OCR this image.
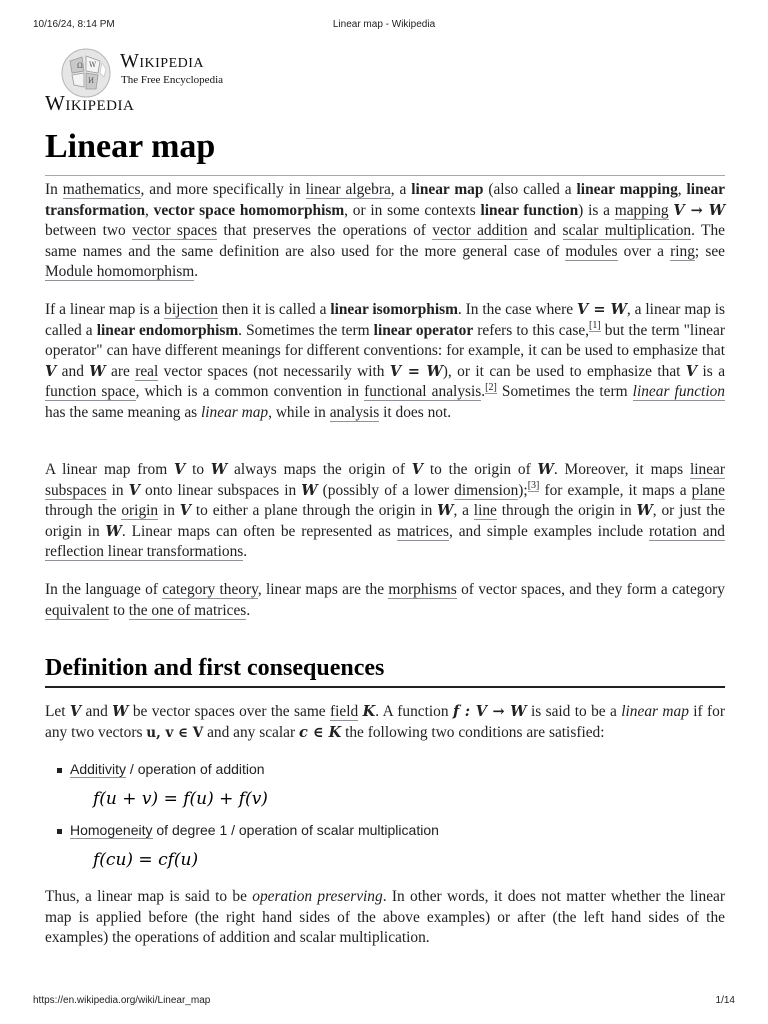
10/16/24, 8:14 PM	Linear map - Wikipedia
Ω W
И
Wikipedia
The Free Encyclopedia
Wikipedia
Linear map

In mathematics, and more specifically in linear algebra, a linear map (also called a linear mapping, linear transformation, vector space homomorphism, or in some contexts linear function) is a mapping V → W between two vector spaces that preserves the operations of vector addition and scalar multiplication. The same names and the same definition are also used for the more general case of modules over a ring; see Module homomorphism.

If a linear map is a bijection then it is called a linear isomorphism. In the case where V = W, a linear map is called a linear endomorphism. Sometimes the term linear operator refers to this case,[1] but the term "linear operator" can have different meanings for different conventions: for example, it can be used to emphasize that V and W are real vector spaces (not necessarily with V = W), or it can be used to emphasize that V is a function space, which is a common convention in functional analysis.[2] Sometimes the term linear function has the same meaning as linear map, while in analysis it does not.

A linear map from V to W always maps the origin of V to the origin of W. Moreover, it maps linear subspaces in V onto linear subspaces in W (possibly of a lower dimension);[3] for example, it maps a plane through the origin in V to either a plane through the origin in W, a line through the origin in W, or just the origin in W. Linear maps can often be represented as matrices, and simple examples include rotation and reflection linear transformations.

In the language of category theory, linear maps are the morphisms of vector spaces, and they form a category equivalent to the one of matrices.

Definition and first consequences

Let V and W be vector spaces over the same field K. A function f : V → W is said to be a linear map if for any two vectors u, v ∈ V and any scalar c ∈ K the following two conditions are satisfied:

Additivity / operation of addition
f(u + v) = f(u) + f(v)
Homogeneity of degree 1 / operation of scalar multiplication
f(cu) = cf(u)

Thus, a linear map is said to be operation preserving. In other words, it does not matter whether the linear map is applied before (the right hand sides of the above examples) or after (the left hand sides of the examples) the operations of addition and scalar multiplication.

https://en.wikipedia.org/wiki/Linear_map	1/14
